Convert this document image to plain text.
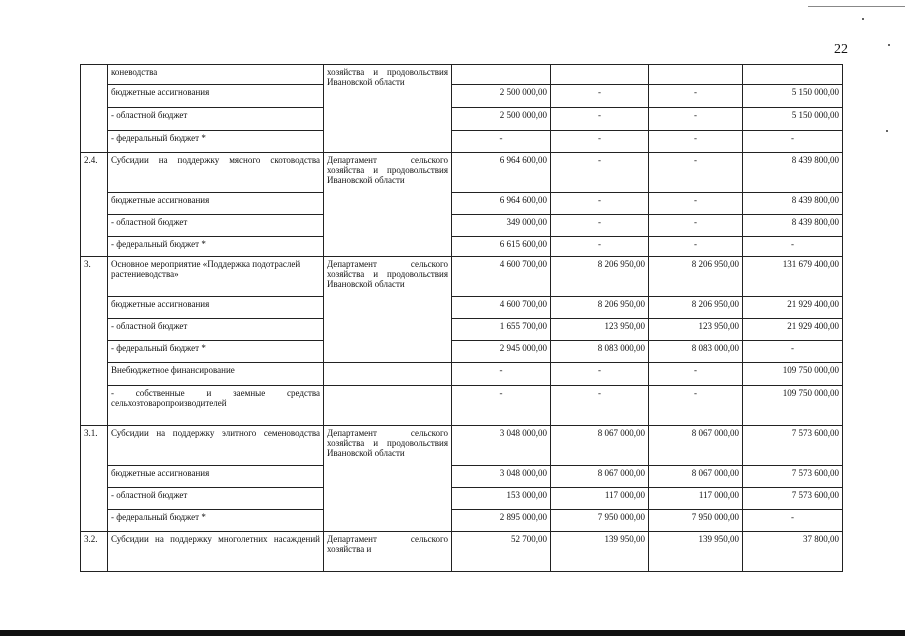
22
	коневодства	хозяйства и продовольствия Ивановской области				

	бюджетные ассигнования		2 500 000,00	-	-	5 150 000,00
	- областной бюджет		2 500 000,00	-	-	5 150 000,00
	- федеральный бюджет *		-	-	-	-
2.4.	Субсидии на поддержку мясного скотоводства	Департамент сельского хозяйства и продовольствия Ивановской области	6 964 600,00	-	-	8 439 800,00
	бюджетные ассигнования		6 964 600,00	-	-	8 439 800,00
	- областной бюджет		349 000,00	-	-	8 439 800,00
	- федеральный бюджет *		6 615 600,00	-	-	-
3.	Основное мероприятие «Поддержка подотраслей растениеводства»	Департамент сельского хозяйства и продовольствия Ивановской области	4 600 700,00	8 206 950,00	8 206 950,00	131 679 400,00
	бюджетные ассигнования		4 600 700,00	8 206 950,00	8 206 950,00	21 929 400,00
	- областной бюджет		1 655 700,00	123 950,00	123 950,00	21 929 400,00
	- федеральный бюджет *		2 945 000,00	8 083 000,00	8 083 000,00	-
	Внебюджетное финансирование		-	-	-	109 750 000,00
	- собственные и заемные средства сельхозтоваропроизводителей		-	-	-	109 750 000,00
3.1.	Субсидии на поддержку элитного семеноводства	Департамент сельского хозяйства и продовольствия Ивановской области	3 048 000,00	8 067 000,00	8 067 000,00	7 573 600,00
	бюджетные ассигнования		3 048 000,00	8 067 000,00	8 067 000,00	7 573 600,00
	- областной бюджет		153 000,00	117 000,00	117 000,00	7 573 600,00
	- федеральный бюджет *		2 895 000,00	7 950 000,00	7 950 000,00	-
3.2.	Субсидии на поддержку многолетних насаждений	Департамент сельского хозяйства и	52 700,00	139 950,00	139 950,00	37 800,00
